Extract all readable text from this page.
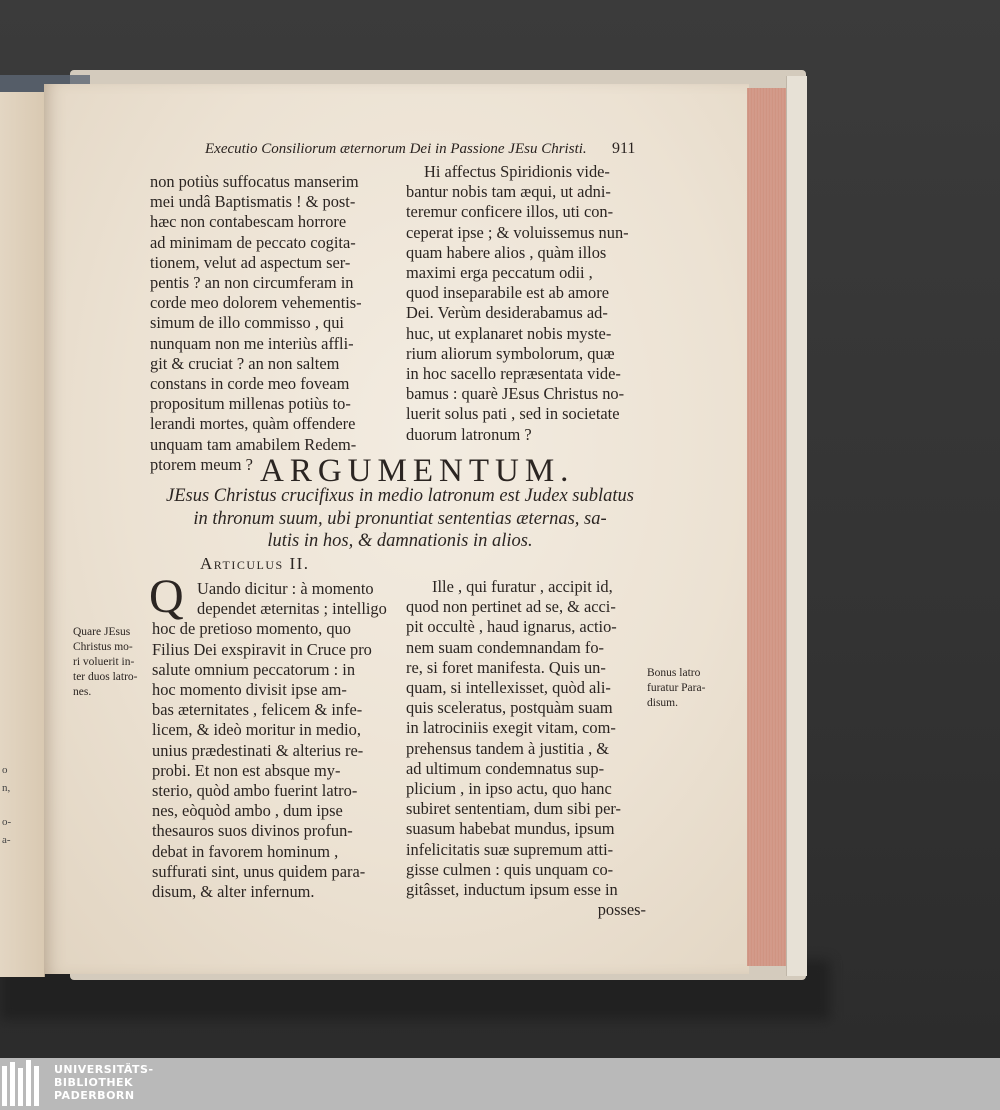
o
n,
o-
a-
Executio Consiliorum æternorum Dei in Passione JEsu Christi. 911
non potiùs suffocatus manserim
mei undâ Baptismatis ! & post-
hæc non contabescam horrore
ad minimam de peccato cogita-
tionem, velut ad aspectum ser-
pentis ? an non circumferam in
corde meo dolorem vehementis-
simum de illo commisso , qui
nunquam non me interiùs affli-
git & cruciat ? an non saltem
constans in corde meo foveam
propositum millenas potiùs to-
lerandi mortes, quàm offendere
unquam tam amabilem Redem-
ptorem meum ?
Hi affectus Spiridionis vide-
bantur nobis tam æqui, ut adni-
teremur conficere illos, uti con-
ceperat ipse ; & voluissemus nun-
quam habere alios , quàm illos
maximi erga peccatum odii ,
quod inseparabile est ab amore
Dei. Verùm desiderabamus ad-
huc, ut explanaret nobis myste-
rium aliorum symbolorum, quæ
in hoc sacello repræsentata vide-
bamus : quarè JEsus Christus no-
luerit solus pati , sed in societate
duorum latronum ?
ARGUMENTUM.
JEsus Christus crucifixus in medio latronum est Judex sublatus
in thronum suum, ubi pronuntiat sententias æternas, sa-
lutis in hos, & damnationis in alios.
Articulus II.
Q Uando dicitur : à momento
dependet æternitas ; intelligo
hoc de pretioso momento, quo
Filius Dei exspiravit in Cruce pro
salute omnium peccatorum : in
hoc momento divisit ipse am-
bas æternitates , felicem & infe-
licem, & ideò moritur in medio,
unius prædestinati & alterius re-
probi. Et non est absque my-
sterio, quòd ambo fuerint latro-
nes, eòquòd ambo , dum ipse
thesauros suos divinos profun-
debat in favorem hominum ,
suffurati sint, unus quidem para-
disum, & alter infernum.
Ille , qui furatur , accipit id,
quod non pertinet ad se, & acci-
pit occultè , haud ignarus, actio-
nem suam condemnandam fo-
re, si foret manifesta. Quis un-
quam, si intellexisset, quòd ali-
quis sceleratus, postquàm suam
in latrociniis exegit vitam, com-
prehensus tandem à justitia , &
ad ultimum condemnatus sup-
plicium , in ipso actu, quo hanc
subiret sententiam, dum sibi per-
suasum habebat mundus, ipsum
infelicitatis suæ supremum atti-
gisse culmen : quis unquam co-
gitâsset, inductum ipsum esse in
posses-
Quare JEsus
Christus mo-
ri voluerit in-
ter duos latro-
nes.
Bonus latro
furatur Para-
disum.
UNIVERSITÄTS-
BIBLIOTHEK
PADERBORN
